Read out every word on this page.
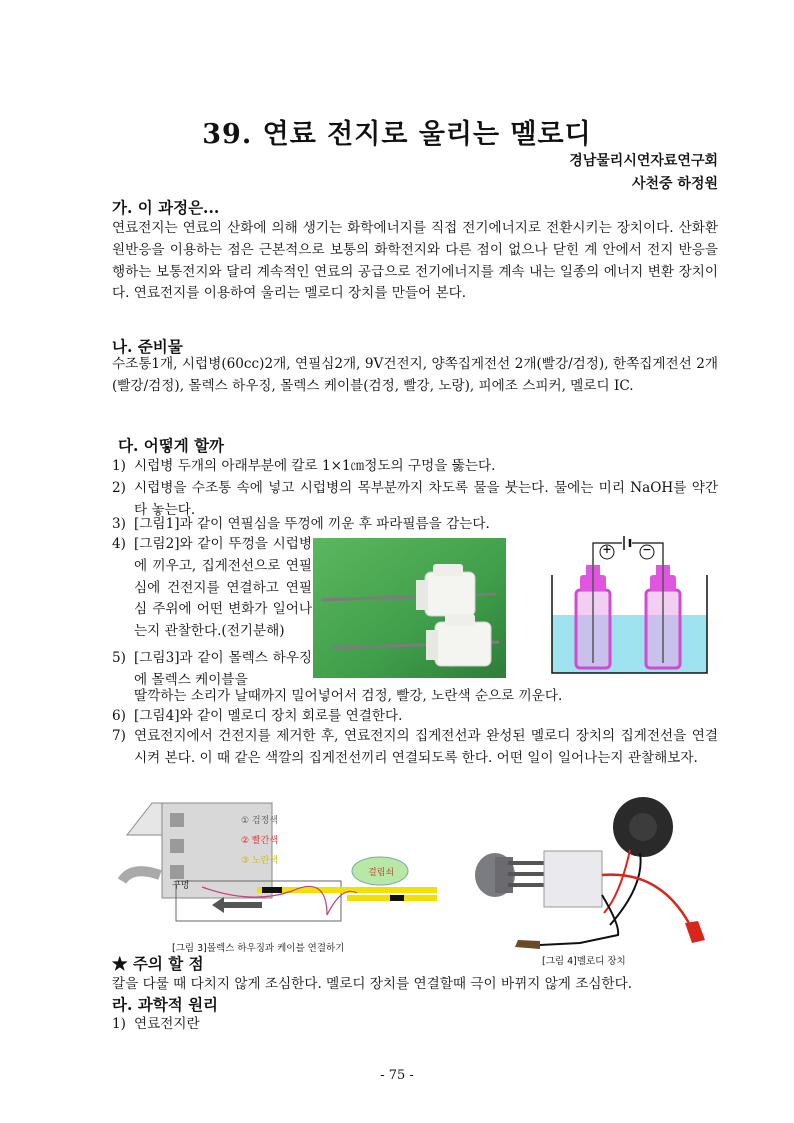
39. 연료 전지로 울리는 멜로디
경남물리시연자료연구회
사천중 하정원
가. 이 과정은...
연료전지는 연료의 산화에 의해 생기는 화학에너지를 직접 전기에너지로 전환시키는 장치이다. 산화환원반응을 이용하는 점은 근본적으로 보통의 화학전지와 다른 점이 없으나 닫힌 계 안에서 전지 반응을 행하는 보통전지와 달리 계속적인 연료의 공급으로 전기에너지를 계속 내는 일종의 에너지 변환 장치이다. 연료전지를 이용하여 울리는 멜로디 장치를 만들어 본다.
나. 준비물
수조통1개, 시럽병(60cc)2개, 연필심2개, 9V건전지, 양쪽집게전선 2개(빨강/검정), 한쪽집게전선 2개(빨강/검정), 몰렉스 하우징, 몰렉스 케이블(검정, 빨강, 노랑), 피에조 스피커, 멜로디 IC.
다. 어떻게 할까
1) 시럽병 두개의 아래부분에 칼로 1×1㎝정도의 구멍을 뚫는다.
2) 시럽병을 수조통 속에 넣고 시럽병의 목부분까지 차도록 물을 붓는다. 물에는 미리 NaOH를 약간 타 놓는다.
3) [그림1]과 같이 연필심을 뚜껑에 끼운 후 파라필름을 감는다.
4) [그림2]와 같이 뚜껑을 시럽병에 끼우고, 집게전선으로 연필심에 건전지를 연결하고 연필심 주위에 어떤 변화가 일어나는지 관찰한다.(전기분해)
5) [그림3]과 같이 몰렉스 하우징에 몰렉스 케이블을
딸깍하는 소리가 날때까지 밀어넣어서 검정, 빨강, 노란색 순으로 끼운다.
6) [그림4]와 같이 멜로디 장치 회로를 연결한다.
7) 연료전지에서 건전지를 제거한 후, 연료전지의 집게전선과 완성된 멜로디 장치의 집게전선을 연결시켜 본다. 이 때 같은 색깔의 집게전선끼리 연결되도록 한다. 어떤 일이 일어나는지 관찰해보자.
+	−
① 검정색
② 빨간색
③ 노란색
구멍
걸림쇠
[그림 3]몰렉스 하우징과 케이블 연결하기
[그림 4]멜로디 장치
★ 주의 할 점
칼을 다룰 때 다치지 않게 조심한다. 멜로디 장치를 연결할때 극이 바뀌지 않게 조심한다.
라. 과학적 원리
1) 연료전지란
- 75 -
